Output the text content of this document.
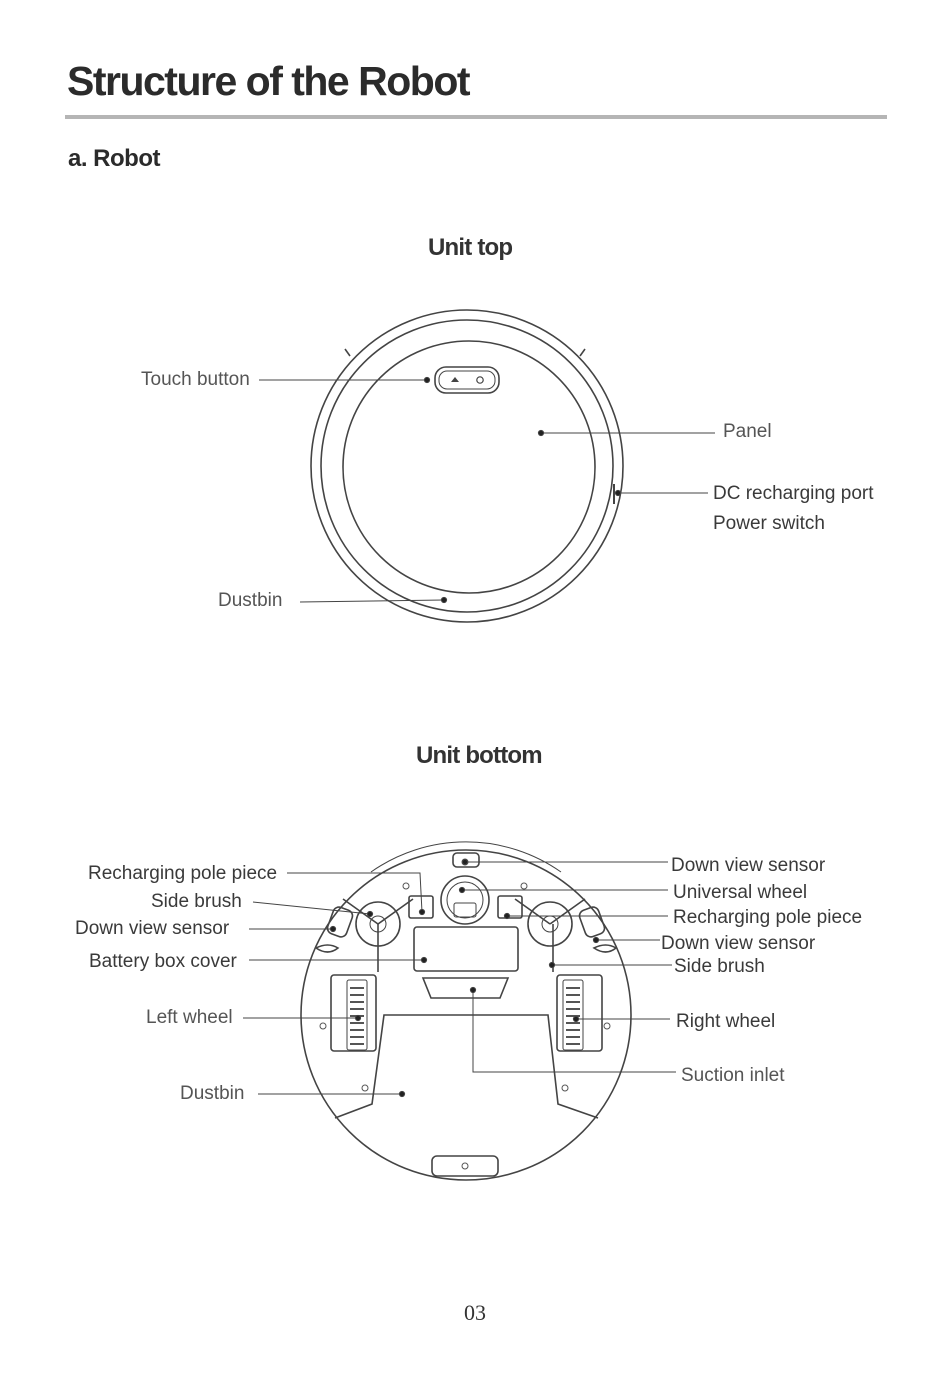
Structure of the Robot
a. Robot
Unit top
Unit bottom
Touch button
Panel
DC recharging port
Power switch
Dustbin
Recharging pole piece
Side brush
Down view sensor
Battery box cover
Left wheel
Dustbin
Down view sensor
Universal wheel
Recharging pole piece
Down view sensor
Side brush
Right wheel
Suction inlet
03
